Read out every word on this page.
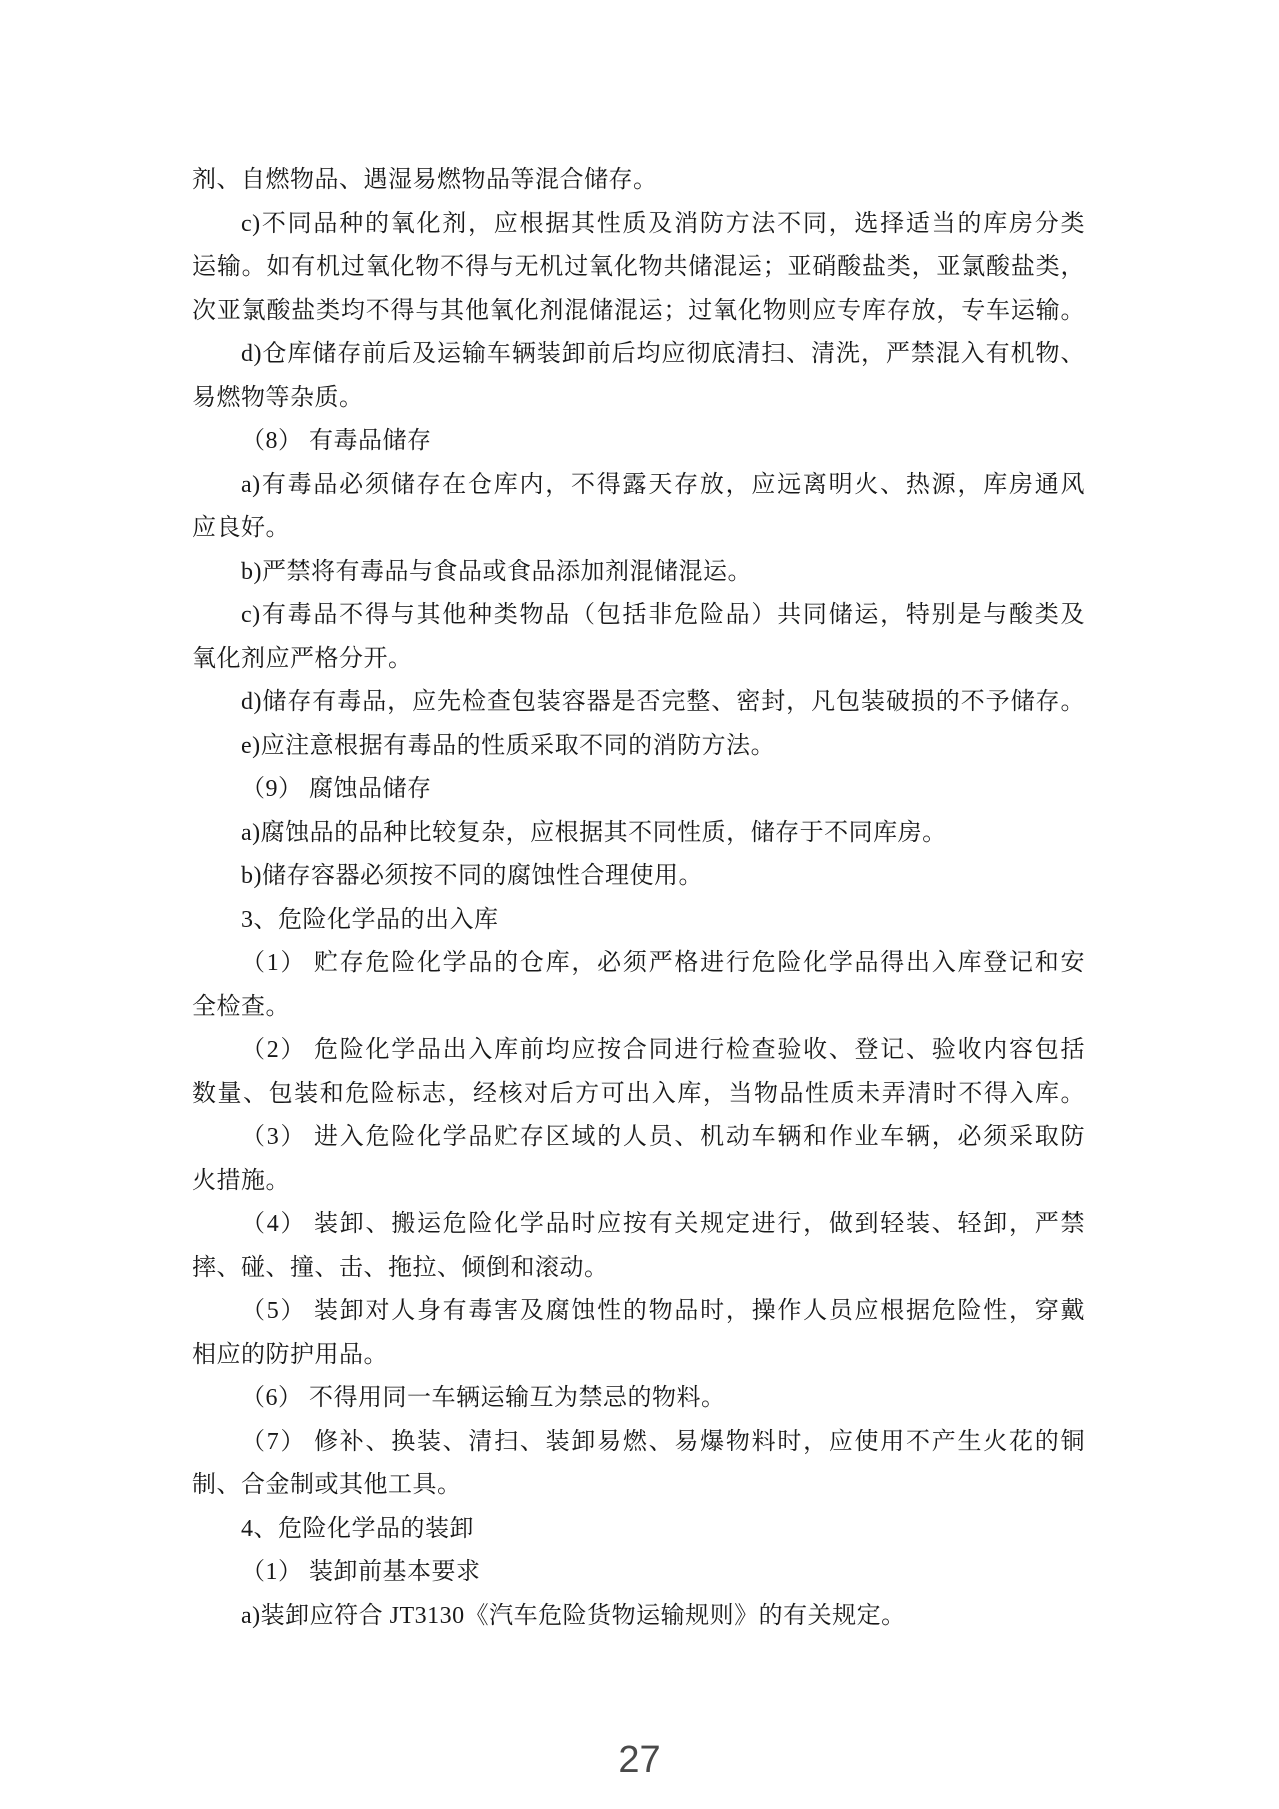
剂、自燃物品、遇湿易燃物品等混合储存。
c)不同品种的氧化剂，应根据其性质及消防方法不同，选择适当的库房分类
运输。如有机过氧化物不得与无机过氧化物共储混运；亚硝酸盐类，亚氯酸盐类，
次亚氯酸盐类均不得与其他氧化剂混储混运；过氧化物则应专库存放，专车运输。
d)仓库储存前后及运输车辆装卸前后均应彻底清扫、清洗，严禁混入有机物、
易燃物等杂质。
（8） 有毒品储存
a)有毒品必须储存在仓库内，不得露天存放，应远离明火、热源，库房通风
应良好。
b)严禁将有毒品与食品或食品添加剂混储混运。
c)有毒品不得与其他种类物品（包括非危险品）共同储运，特别是与酸类及
氧化剂应严格分开。
d)储存有毒品，应先检查包装容器是否完整、密封，凡包装破损的不予储存。
e)应注意根据有毒品的性质采取不同的消防方法。
（9） 腐蚀品储存
a)腐蚀品的品种比较复杂，应根据其不同性质，储存于不同库房。
b)储存容器必须按不同的腐蚀性合理使用。
3、危险化学品的出入库
（1） 贮存危险化学品的仓库，必须严格进行危险化学品得出入库登记和安
全检查。
（2） 危险化学品出入库前均应按合同进行检查验收、登记、验收内容包括
数量、包装和危险标志，经核对后方可出入库，当物品性质未弄清时不得入库。
（3） 进入危险化学品贮存区域的人员、机动车辆和作业车辆，必须采取防
火措施。
（4） 装卸、搬运危险化学品时应按有关规定进行，做到轻装、轻卸，严禁
摔、碰、撞、击、拖拉、倾倒和滚动。
（5） 装卸对人身有毒害及腐蚀性的物品时，操作人员应根据危险性，穿戴
相应的防护用品。
（6） 不得用同一车辆运输互为禁忌的物料。
（7） 修补、换装、清扫、装卸易燃、易爆物料时，应使用不产生火花的铜
制、合金制或其他工具。
4、危险化学品的装卸
（1） 装卸前基本要求
a)装卸应符合 JT3130《汽车危险货物运输规则》的有关规定。
27
